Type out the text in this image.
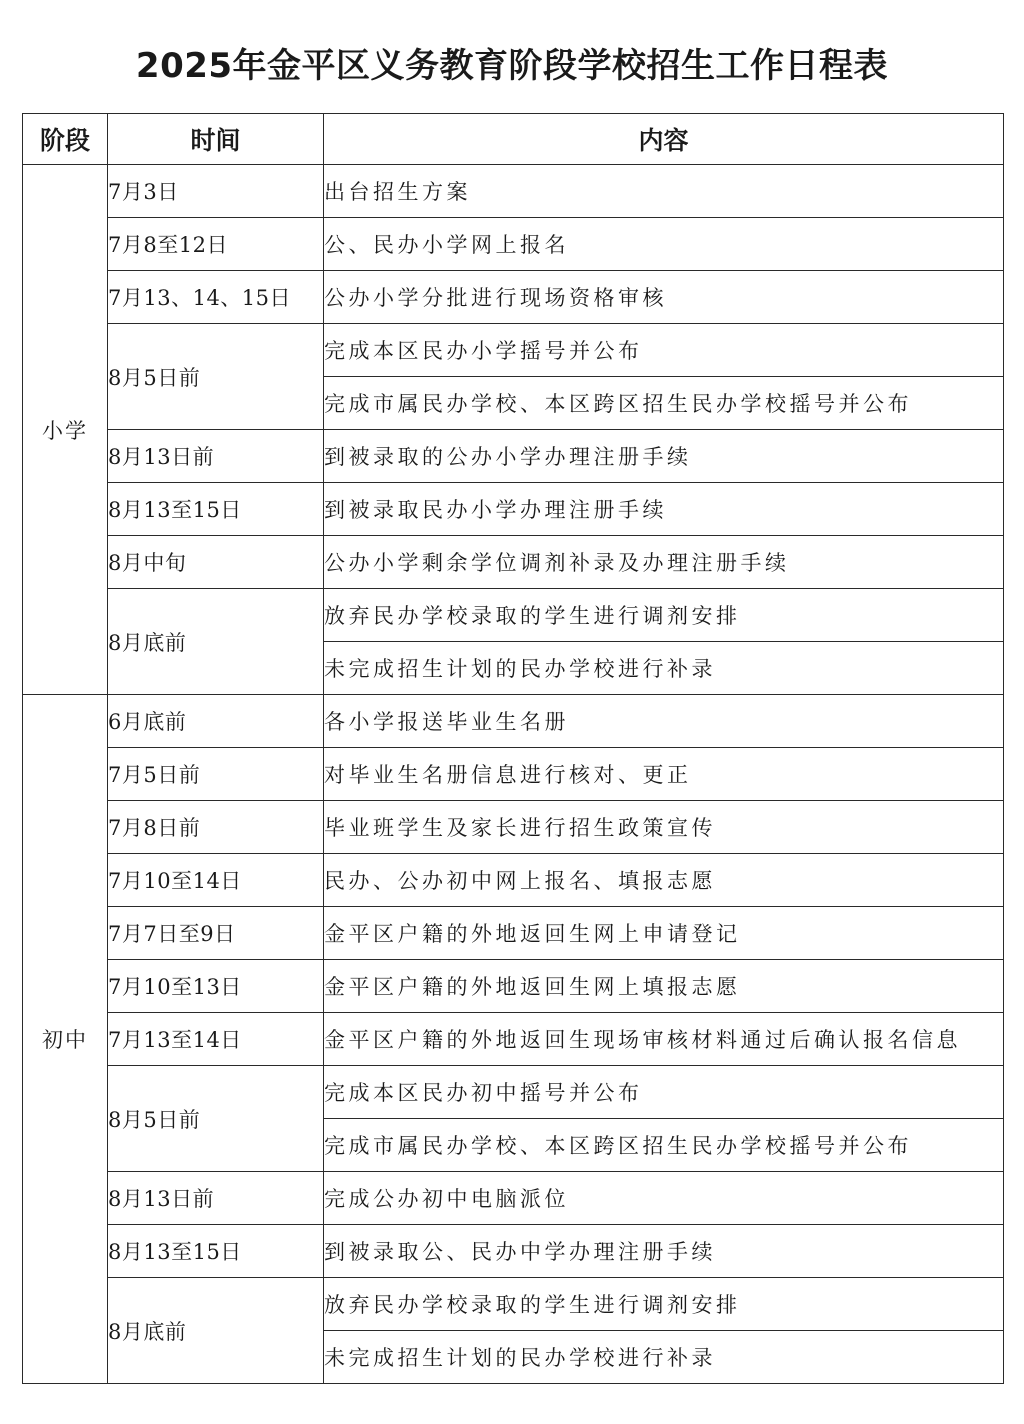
2025年金平区义务教育阶段学校招生工作日程表
阶段	时间	内容
小学	7月3日	出台招生方案
	7月8至12日	公、民办小学网上报名
	7月13、14、15日	公办小学分批进行现场资格审核
	8月5日前	完成本区民办小学摇号并公布
		完成市属民办学校、本区跨区招生民办学校摇号并公布
	8月13日前	到被录取的公办小学办理注册手续
	8月13至15日	到被录取民办小学办理注册手续
	8月中旬	公办小学剩余学位调剂补录及办理注册手续
	8月底前	放弃民办学校录取的学生进行调剂安排
		未完成招生计划的民办学校进行补录
初中	6月底前	各小学报送毕业生名册
	7月5日前	对毕业生名册信息进行核对、更正
	7月8日前	毕业班学生及家长进行招生政策宣传
	7月10至14日	民办、公办初中网上报名、填报志愿
	7月7日至9日	金平区户籍的外地返回生网上申请登记
	7月10至13日	金平区户籍的外地返回生网上填报志愿
	7月13至14日	金平区户籍的外地返回生现场审核材料通过后确认报名信息
	8月5日前	完成本区民办初中摇号并公布
		完成市属民办学校、本区跨区招生民办学校摇号并公布
	8月13日前	完成公办初中电脑派位
	8月13至15日	到被录取公、民办中学办理注册手续
	8月底前	放弃民办学校录取的学生进行调剂安排
		未完成招生计划的民办学校进行补录
